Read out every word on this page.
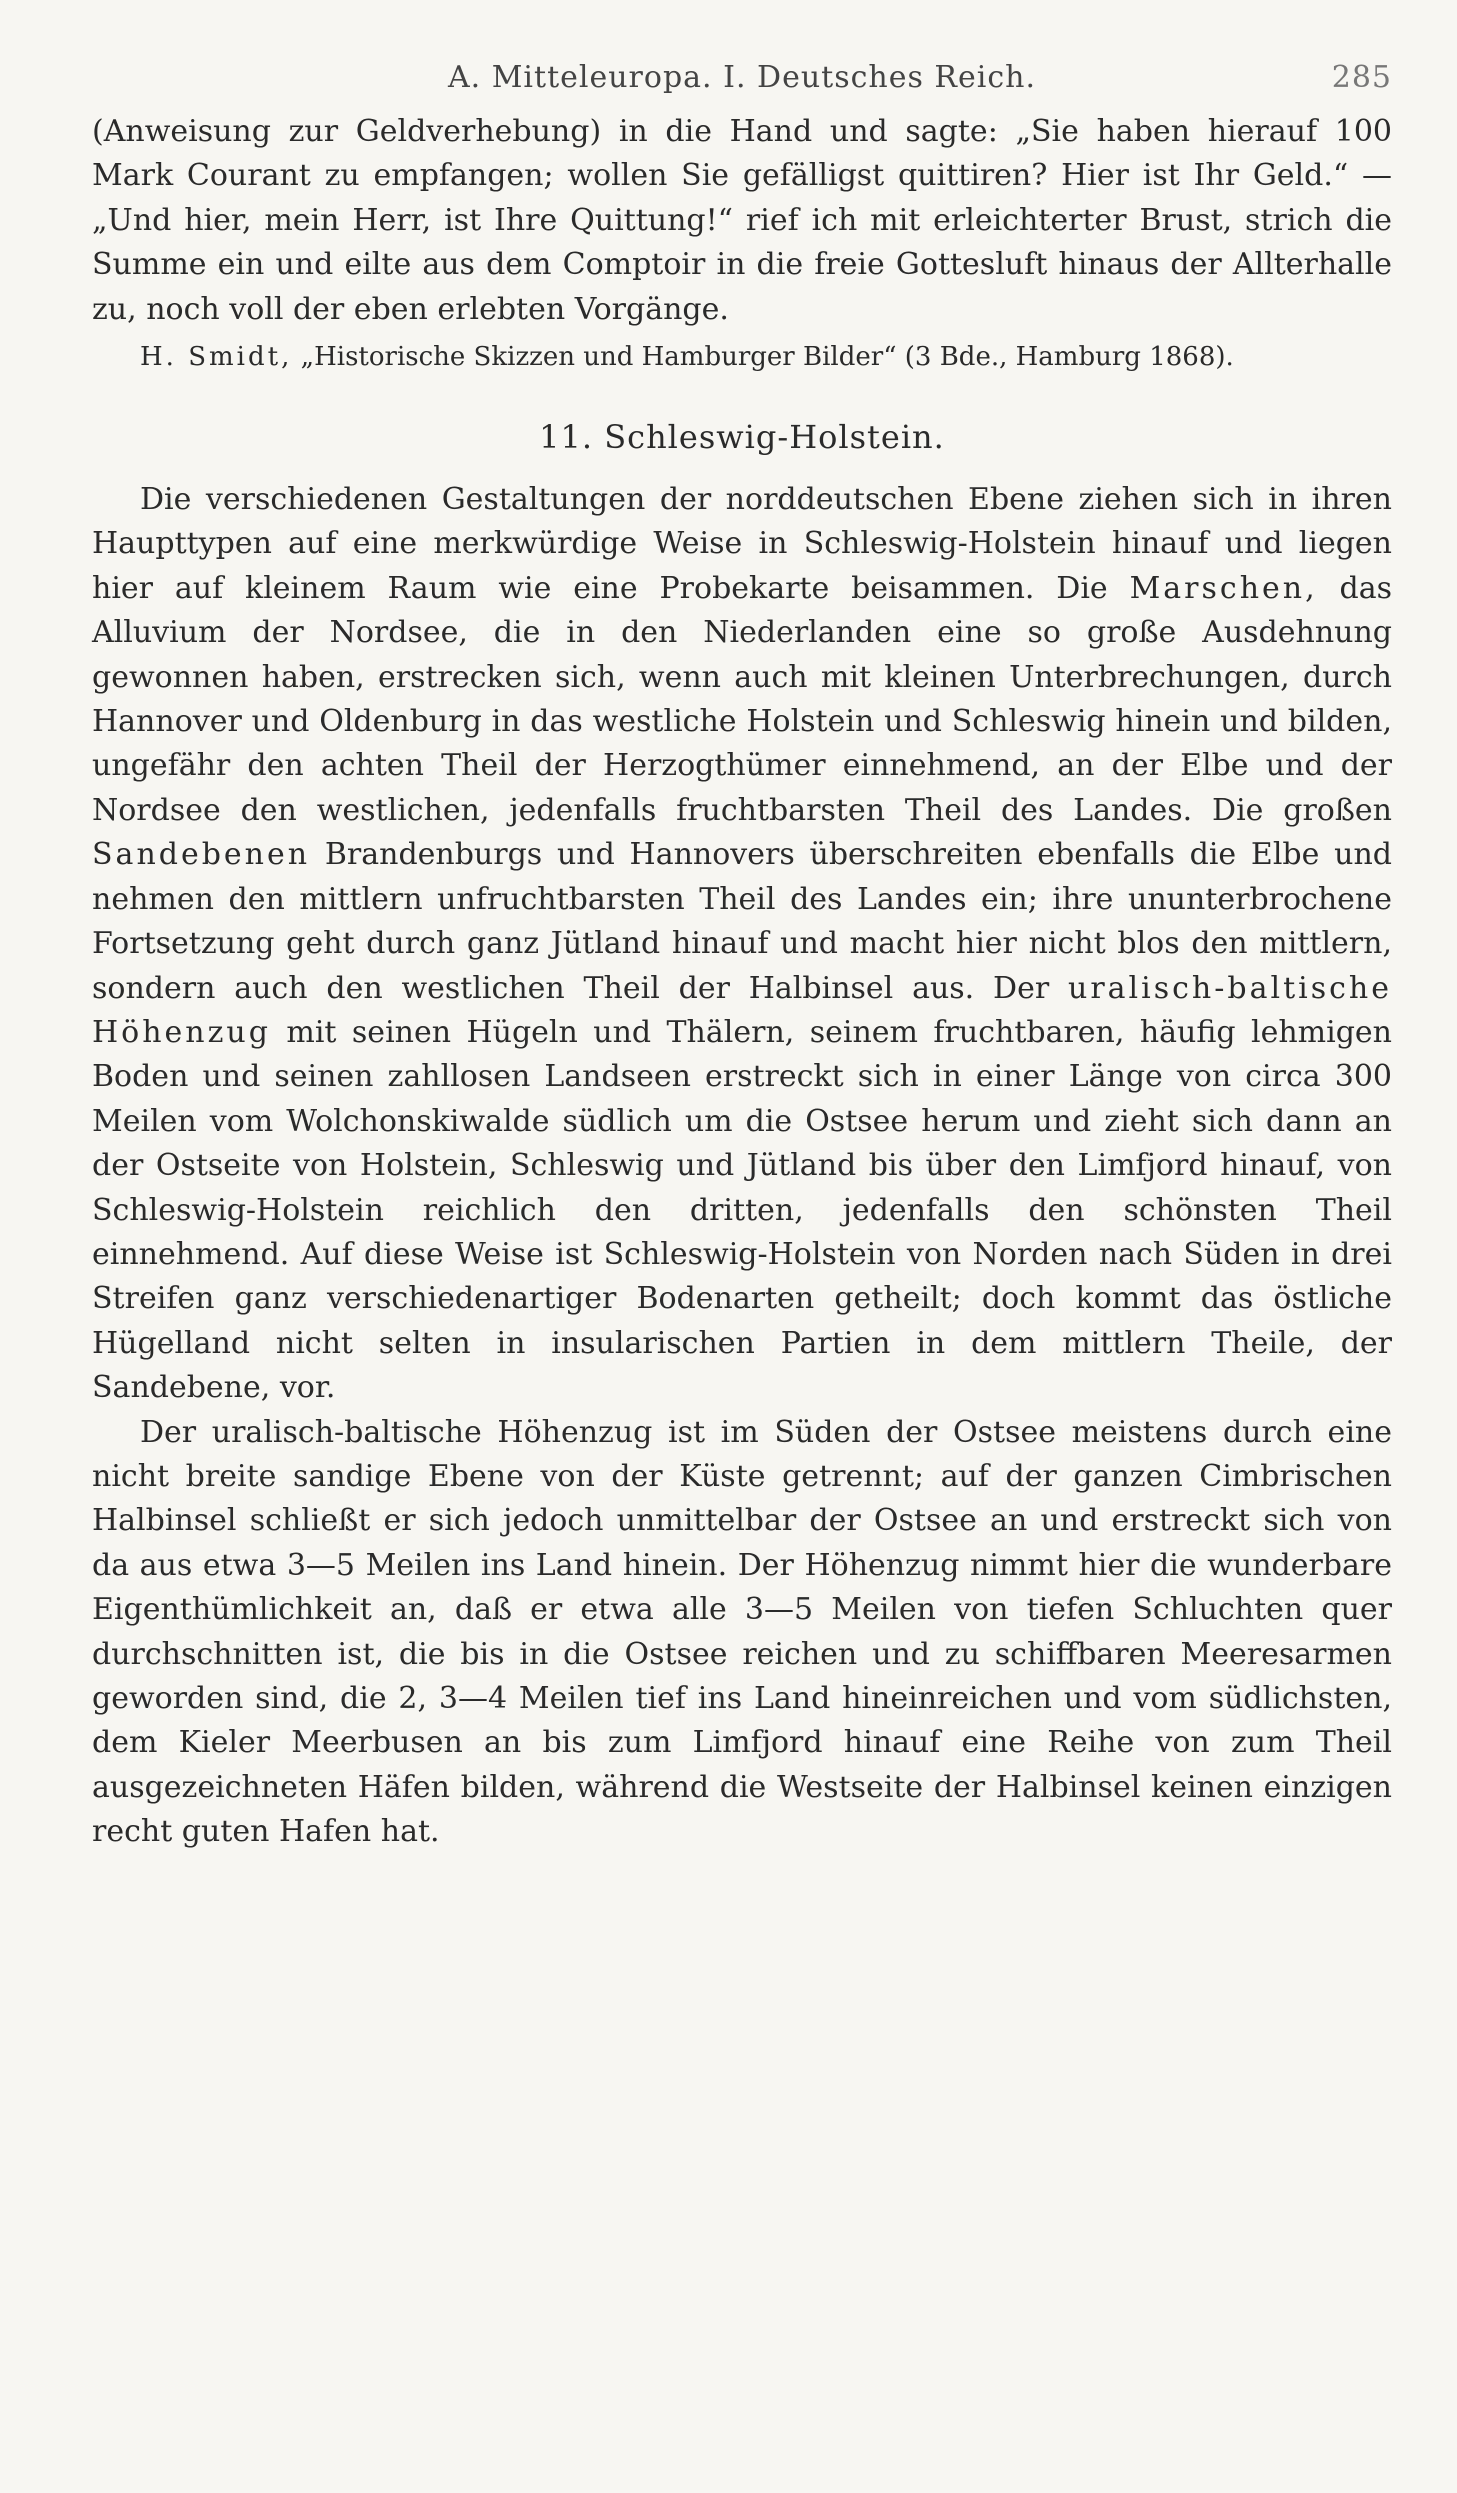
A. Mitteleuropa. I. Deutsches Reich.	285

(Anweisung zur Geldverhebung) in die Hand und sagte: „Sie haben hierauf 100 Mark Courant zu empfangen; wollen Sie gefälligst quittiren? Hier ist Ihr Geld.“ — „Und hier, mein Herr, ist Ihre Quittung!“ rief ich mit erleichterter Brust, strich die Summe ein und eilte aus dem Comptoir in die freie Gottesluft hinaus der Allterhalle zu, noch voll der eben erlebten Vorgänge.

H. Smidt, „Historische Skizzen und Hamburger Bilder“ (3 Bde., Hamburg 1868).

11. Schleswig-Holstein.

Die verschiedenen Gestaltungen der norddeutschen Ebene ziehen sich in ihren Haupttypen auf eine merkwürdige Weise in Schleswig-Holstein hinauf und liegen hier auf kleinem Raum wie eine Probekarte beisammen. Die Marschen, das Alluvium der Nordsee, die in den Niederlanden eine so große Ausdehnung gewonnen haben, erstrecken sich, wenn auch mit kleinen Unterbrechungen, durch Hannover und Oldenburg in das westliche Holstein und Schleswig hinein und bilden, ungefähr den achten Theil der Herzogthümer einnehmend, an der Elbe und der Nordsee den westlichen, jedenfalls fruchtbarsten Theil des Landes. Die großen Sandebenen Brandenburgs und Hannovers überschreiten ebenfalls die Elbe und nehmen den mittlern unfruchtbarsten Theil des Landes ein; ihre ununterbrochene Fortsetzung geht durch ganz Jütland hinauf und macht hier nicht blos den mittlern, sondern auch den westlichen Theil der Halbinsel aus. Der uralisch-baltische Höhenzug mit seinen Hügeln und Thälern, seinem fruchtbaren, häufig lehmigen Boden und seinen zahllosen Landseen erstreckt sich in einer Länge von circa 300 Meilen vom Wolchonskiwalde südlich um die Ostsee herum und zieht sich dann an der Ostseite von Holstein, Schleswig und Jütland bis über den Limfjord hinauf, von Schleswig-Holstein reichlich den dritten, jedenfalls den schönsten Theil einnehmend. Auf diese Weise ist Schleswig-Holstein von Norden nach Süden in drei Streifen ganz verschiedenartiger Bodenarten getheilt; doch kommt das östliche Hügelland nicht selten in insularischen Partien in dem mittlern Theile, der Sandebene, vor.

Der uralisch-baltische Höhenzug ist im Süden der Ostsee meistens durch eine nicht breite sandige Ebene von der Küste getrennt; auf der ganzen Cimbrischen Halbinsel schließt er sich jedoch unmittelbar der Ostsee an und erstreckt sich von da aus etwa 3—5 Meilen ins Land hinein. Der Höhenzug nimmt hier die wunderbare Eigenthümlichkeit an, daß er etwa alle 3—5 Meilen von tiefen Schluchten quer durchschnitten ist, die bis in die Ostsee reichen und zu schiffbaren Meeresarmen geworden sind, die 2, 3—4 Meilen tief ins Land hineinreichen und vom südlichsten, dem Kieler Meerbusen an bis zum Limfjord hinauf eine Reihe von zum Theil ausgezeichneten Häfen bilden, während die Westseite der Halbinsel keinen einzigen recht guten Hafen hat.
